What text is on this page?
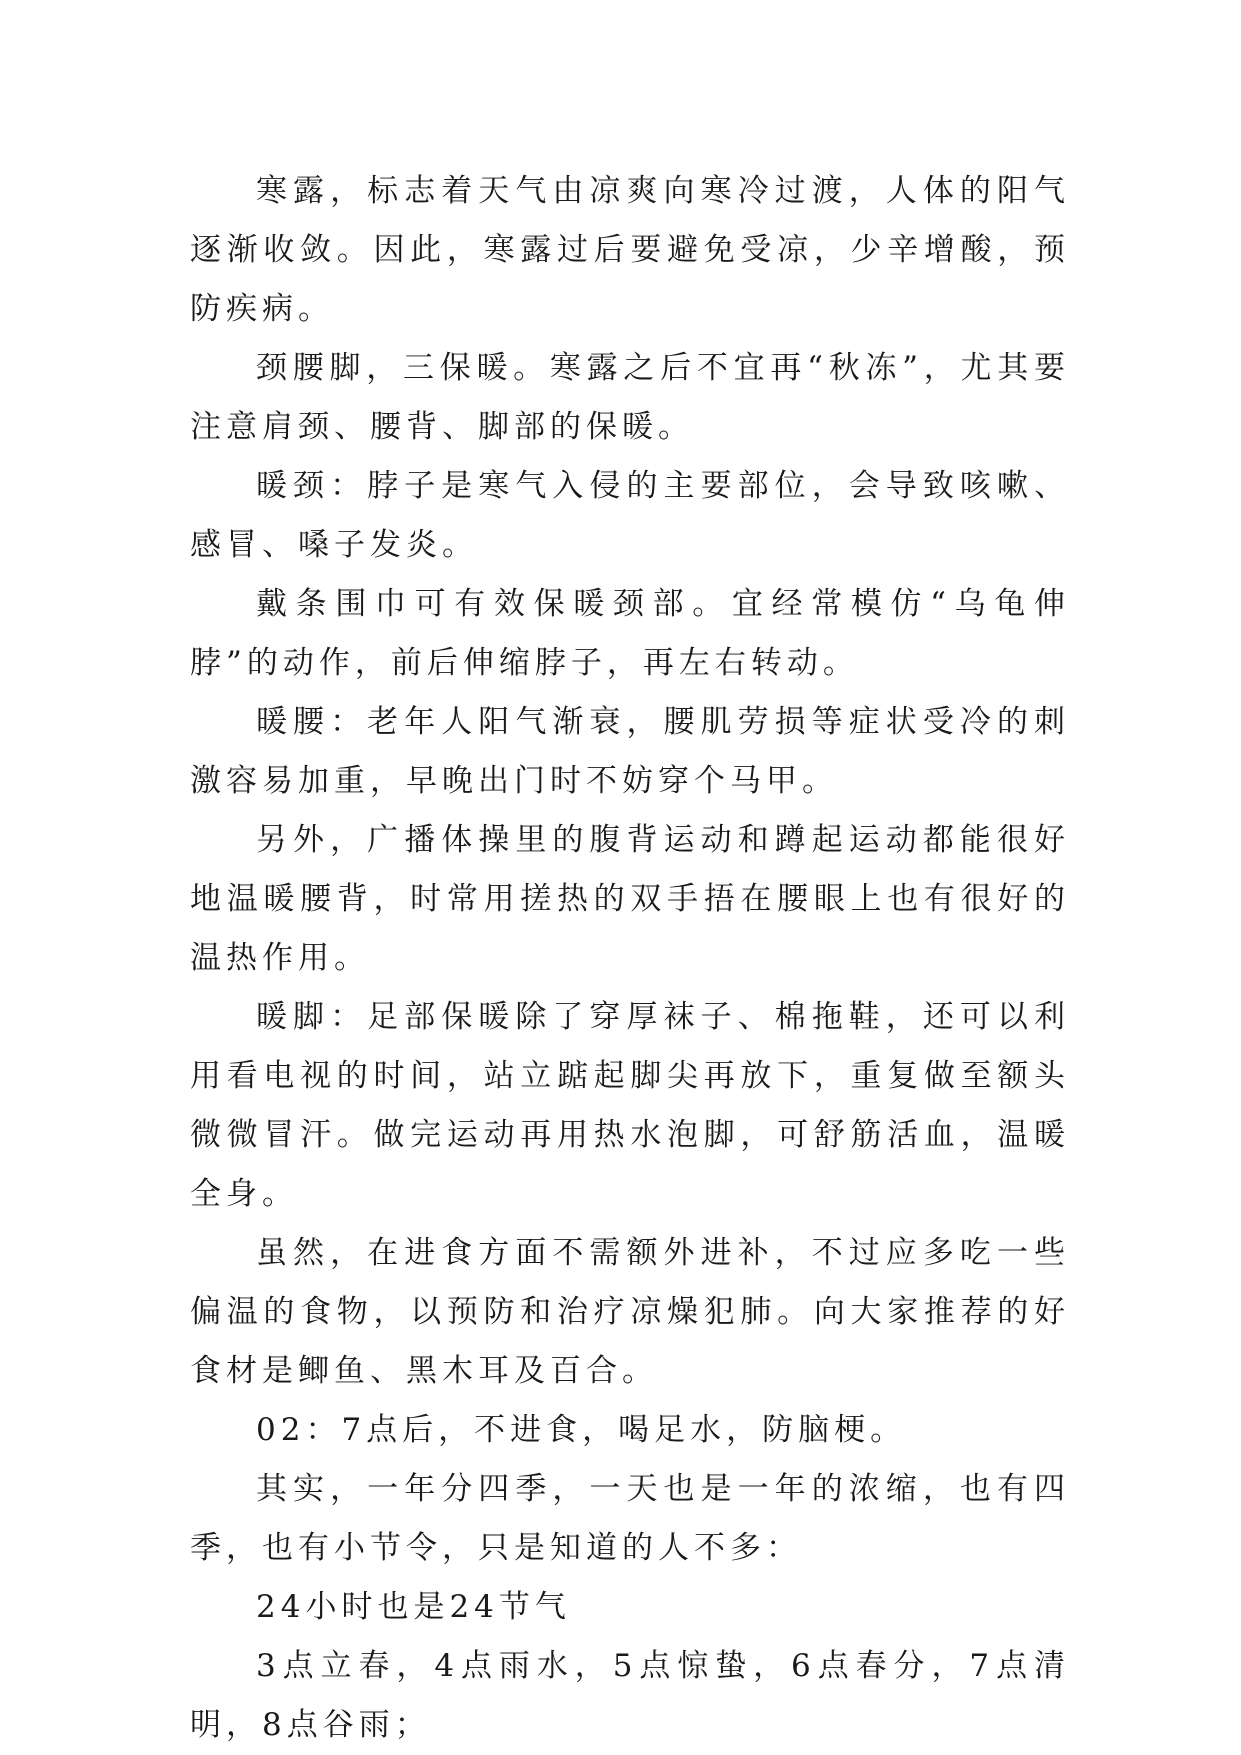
寒露，标志着天气由凉爽向寒冷过渡，人体的阳气逐渐收敛。因此，寒露过后要避免受凉，少辛增酸，预防疾病。

颈腰脚，三保暖。寒露之后不宜再“秋冻”，尤其要注意肩颈、腰背、脚部的保暖。

暖颈：脖子是寒气入侵的主要部位，会导致咳嗽、感冒、嗓子发炎。

戴条围巾可有效保暖颈部。宜经常模仿“乌龟伸脖”的动作，前后伸缩脖子，再左右转动。

暖腰：老年人阳气渐衰，腰肌劳损等症状受冷的刺激容易加重，早晚出门时不妨穿个马甲。

另外，广播体操里的腹背运动和蹲起运动都能很好地温暖腰背，时常用搓热的双手捂在腰眼上也有很好的温热作用。

暖脚：足部保暖除了穿厚袜子、棉拖鞋，还可以利用看电视的时间，站立踮起脚尖再放下，重复做至额头微微冒汗。做完运动再用热水泡脚，可舒筋活血，温暖全身。

虽然，在进食方面不需额外进补，不过应多吃一些偏温的食物，以预防和治疗凉燥犯肺。向大家推荐的好食材是鲫鱼、黑木耳及百合。

02：7点后，不进食，喝足水，防脑梗。

其实，一年分四季，一天也是一年的浓缩，也有四季，也有小节令，只是知道的人不多：

24小时也是24节气

3点立春，4点雨水，5点惊蛰，6点春分，7点清明，8点谷雨；
